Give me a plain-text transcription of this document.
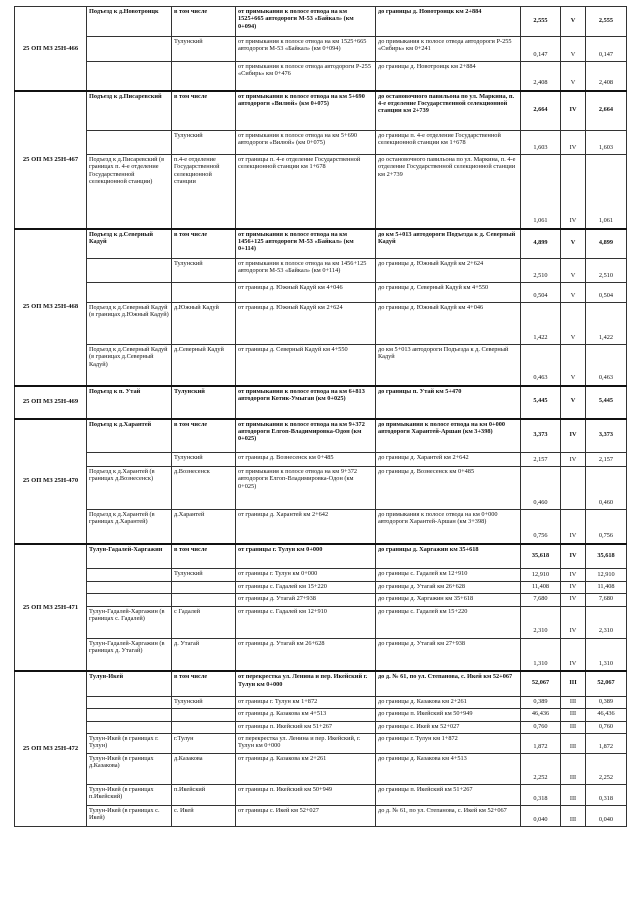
25 ОП МЗ 25Н-466	Подъезд к д.Новотроицк	в том числе	от примыкания к полосе отвода на км 1525+665 автодороги М-53 «Байкал» (км 0+094)	до границы д. Новотроицк км 2+884	2,555	V	2,555
		Тулунский	от примыкания к полосе отвода на км 1525+665 автодороги М-53 «Байкал» (км 0+094)	до примыкания к полосе отвода автодороги Р-255 «Сибирь» км 0+241	0,147	V	0,147
			от примыкания к полосе отвода автодороги Р-255 «Сибирь» км 0+476	до границы д. Новотроицк км 2+884	2,408	V	2,408
25 ОП МЗ 25Н-467	Подъезд к д.Писаревский	в том числе	от примыкания к полосе отвода на км 5+690 автодороги «Вилюй» (км 0+075)	до остановочного павильона по ул. Маркина, п. 4-е отделение Государственной селекционной станции км 2+739	2,664	IV	2,664
		Тулунский	от примыкания к полосе отвода на км 5+690 автодороги «Вилюй» (км 0+075)	до границы п. 4-е отделение Государственной селекционной станции км 1+678	1,603	IV	1,603
	Подъезд к д.Писаревский (в границах п. 4-е отделение Государственной селекционной станции)	п.4-е отделение Государственной селекционной станции	от границы п. 4-е отделение Государственной селекционной станции км 1+678	до остановочного павильона по ул. Маркина, п. 4-е отделение Государственной селекционной станции км 2+739	1,061	IV	1,061
25 ОП МЗ 25Н-468	Подъезд к д.Северный Кадуй	в том числе	от примыкания к полосе отвода на км 1456+125 автодороги М-53 «Байкал» (км 0+114)	до км 5+013 автодороги Подъезда к д. Северный Кадуй	4,899	V	4,899
		Тулунский	от примыкания к полосе отвода на км 1456+125 автодороги М-53 «Байкал» (км 0+114)	до границы д. Южный Кадуй км 2+624	2,510	V	2,510
			от границы д. Южный Кадуй км 4+046	до границы д. Северный Кадуй км 4+550	0,504	V	0,504
	Подъезд к д.Северный Кадуй (в границах д.Южный Кадуй)	д.Южный Кадуй	от границы д. Южный Кадуй км 2+624	до границы д. Южный Кадуй км 4+046	1,422	V	1,422
	Подъезд к д.Северный Кадуй (в границах д.Северный Кадуй)	д.Северный Кадуй	от границы д. Северный Кадуй км 4+550	до км 5+013 автодороги Подъезда к д. Северный Кадуй	0,463	V	0,463
25 ОП МЗ 25Н-469	Подъезд к п. Утай	Тулунский	от примыкания к полосе отвода на км 6+813 автодороги Котик-Умыган (км 0+025)	до границы п. Утай км 5+470	5,445	V	5,445
25 ОП МЗ 25Н-470	Подъезд к д.Харантей	в том числе	от примыкания к полосе отвода на км 9+372 автодороги Елгоп-Владимировка-Одон (км 0+025)	до примыкания к полосе отвода на км 0+000 автодороги Харантей-Аршан (км 3+398)	3,373	IV	3,373
		Тулунский	от границы д. Вознесенск км 0+485	до границы д. Харантей км 2+642	2,157	IV	2,157
	Подъезд к д.Харантей (в границах д.Вознесенск)	д.Вознесенск	от примыкания к полосе отвода на км 9+372 автодороги Елгоп-Владимировка-Одон (км 0+025)	до границы д. Вознесенск км 0+485	0,460		0,460
	Подъезд к д.Харантей (в границах д.Харантей)	д.Харантей	от границы д. Харантей км 2+642	до примыкания к полосе отвода на км 0+000 автодороги Харантей-Аршан (км 3+398)	0,756	IV	0,756
25 ОП МЗ 25Н-471	Тулун-Гадалей-Харгажин	в том числе	от границы г. Тулун км 0+000	до границы д. Харгажин км 35+618	35,618	IV	35,618
		Тулунский	от границы г. Тулун км 0+000	до границы с. Гадалей км 12+910	12,910	IV	12,910
			от границы с. Гадалей км 15+220	до границы д. Утагай км 26+628	11,408	IV	11,408
			от границы д. Утагай 27+938	до границы д. Харгажин км 35+618	7,680	IV	7,680
	Тулун-Гадалей-Харгажин (в границах с. Гадалей)	с Гадалей	от границы с. Гадалей км 12+910	до границы с. Гадалей км 15+220	2,310	IV	2,310
	Тулун-Гадалей-Харгажин (в границах д. Утагай)	д. Утагай	от границы д. Утагай км 26+628	до границы д. Утагай км 27+938	1,310	IV	1,310
25 ОП МЗ 25Н-472	Тулун-Икей	в том числе	от перекрестка ул. Ленина и пер. Икейский г. Тулун км 0+000	до д. № 61, по ул. Степанова, с. Икей км 52+067	52,067	III	52,067
		Тулунский	от границы г. Тулун км 1+872	до границы д. Казакова км 2+261	0,389	III	0,389
			от границы д. Казакова км 4+513	до границы п. Икейский км 50+949	46,436	III	46,436
			от границы п. Икейский км 51+267	до границы с. Икей км 52+027	0,760	III	0,760
	Тулун-Икей (в границах г. Тулун)	г.Тулун	от перекрестка ул. Ленина и пер. Икейский, г. Тулун км 0+000	до границы г. Тулун км 1+872	1,872	III	1,872
	Тулун-Икей (в границах д.Казакова)	д.Казакова	от границы д. Казакова км 2+261	до границы д. Казакова км 4+513	2,252	III	2,252
	Тулун-Икей (в границах п.Икейский)	п.Икейский	от границы п. Икейский км 50+949	до границы п. Икейский км 51+267	0,318	III	0,318
	Тулун-Икей (в границах с. Икей)	с. Икей	от границы с. Икей км 52+027	до д. № 61, по ул. Степанова, с. Икей км 52+067	0,040	III	0,040
